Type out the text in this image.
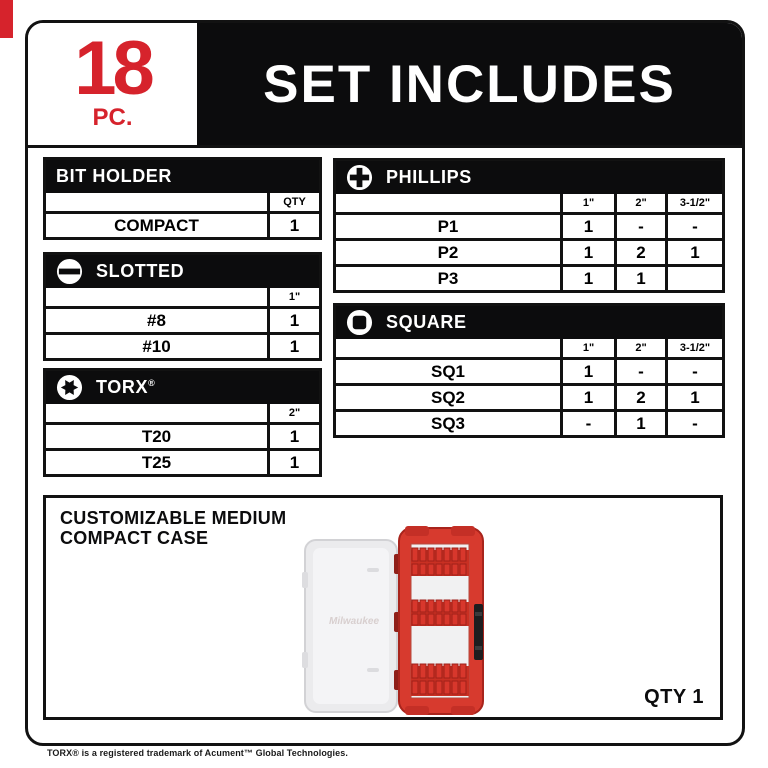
18
PC.
SET INCLUDES
BIT HOLDER
QTY
COMPACT	1
SLOTTED
1"
#8	1
#10	1
TORX®
2"
T20	1
T25	1
PHILLIPS
1"	2"	3-1/2"
P1	1	-	-
P2	1	2	1
P3	1	1
SQUARE
1"	2"	3-1/2"
SQ1	1	-	-
SQ2	1	2	1
SQ3	-	1	-
CUSTOMIZABLE MEDIUM
COMPACT CASE
Milwaukee
QTY 1
TORX® is a registered trademark of Acument™ Global Technologies.
